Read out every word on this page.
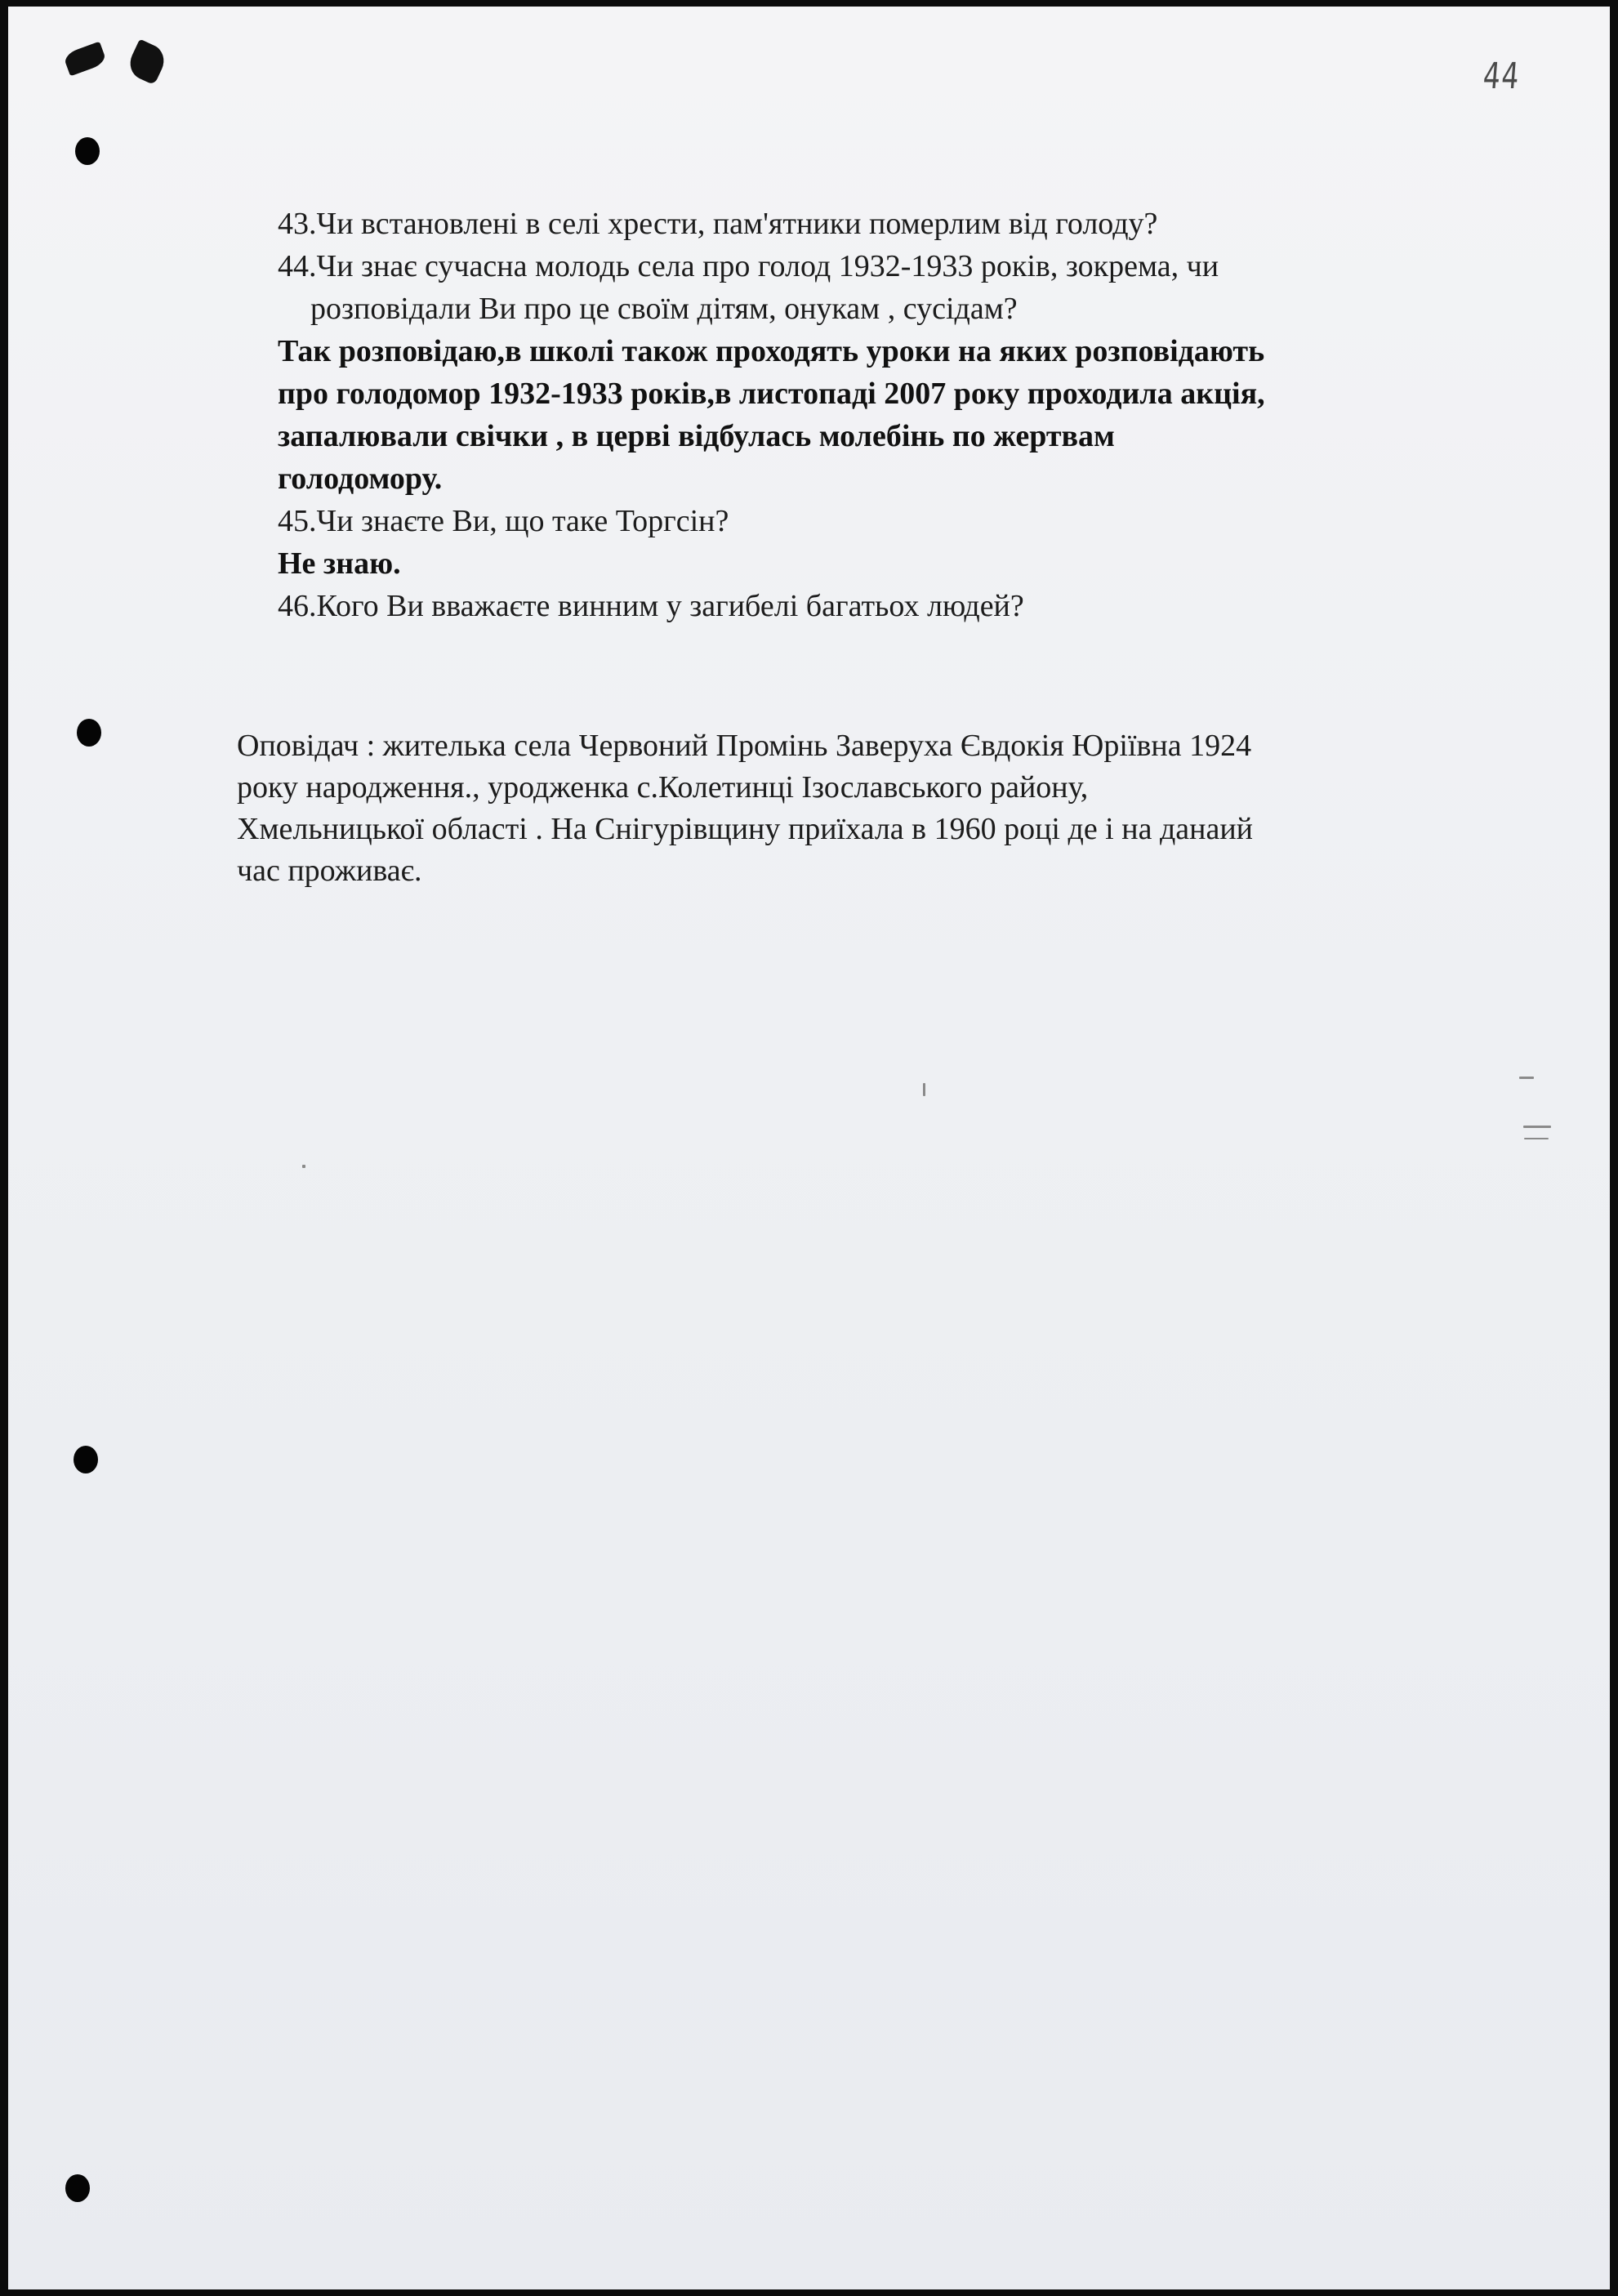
44
43.Чи встановлені в селі хрести, пам'ятники померлим від голоду?
44.Чи знає сучасна молодь села про голод 1932-1933 років, зокрема, чи
розповідали Ви про це своїм дітям, онукам , сусідам?
Так розповідаю,в школі також проходять уроки на яких розповідають
про голодомор 1932-1933 років,в листопаді 2007 року проходила акція,
запалювали свічки , в церві відбулась молебінь по жертвам
голодомору.
45.Чи знаєте Ви, що таке Торгсін?
Не знаю.
46.Кого Ви вважаєте винним у загибелі багатьох людей?
Оповідач : жителька села Червоний Промінь Заверуха Євдокія Юріївна 1924
року народження., уродженка с.Колетинці Ізославського району,
Хмельницької області . На Снігурівщину приїхала в 1960 році де і на данаий
час проживає.
